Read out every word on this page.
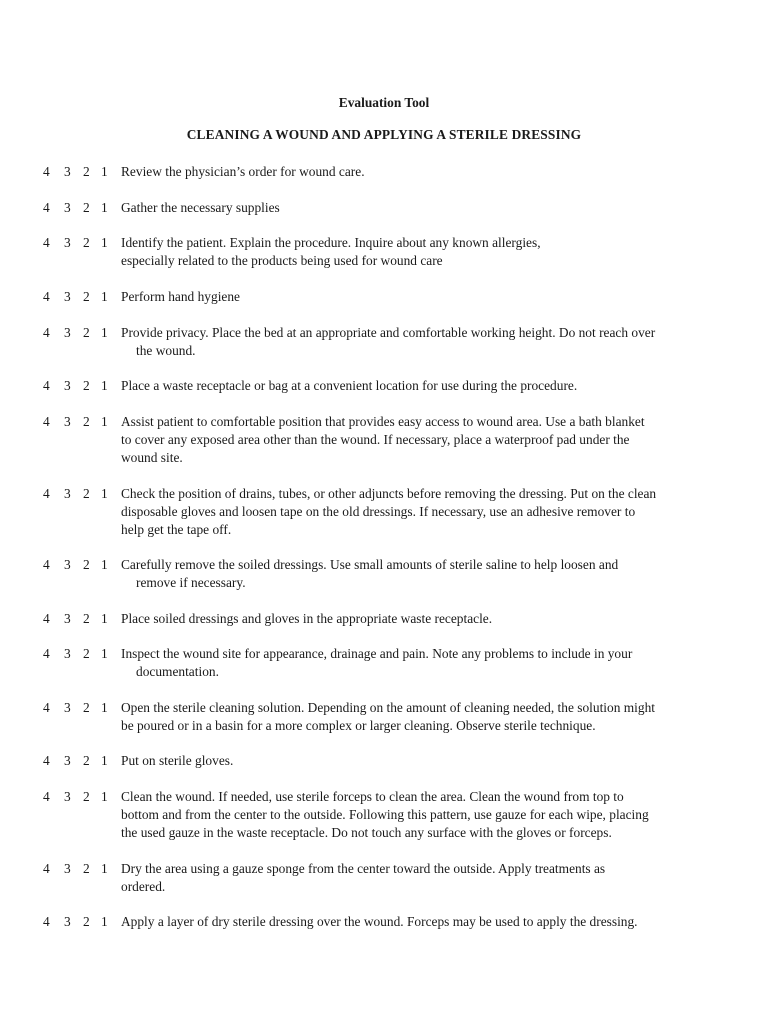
Evaluation Tool
CLEANING A WOUND AND APPLYING A STERILE DRESSING
4 3 2 1 Review the physician’s order for wound care.
4 3 2 1 Gather the necessary supplies
4 3 2 1 Identify the patient. Explain the procedure. Inquire about any known allergies,
especially related to the products being used for wound care
4 3 2 1 Perform hand hygiene
4 3 2 1 Provide privacy. Place the bed at an appropriate and comfortable working height. Do not reach over
the wound.
4 3 2 1 Place a waste receptacle or bag at a convenient location for use during the procedure.
4 3 2 1 Assist patient to comfortable position that provides easy access to wound area. Use a bath blanket
to cover any exposed area other than the wound. If necessary, place a waterproof pad under the
wound site.
4 3 2 1 Check the position of drains, tubes, or other adjuncts before removing the dressing. Put on the clean
disposable gloves and loosen tape on the old dressings. If necessary, use an adhesive remover to
help get the tape off.
4 3 2 1 Carefully remove the soiled dressings. Use small amounts of sterile saline to help loosen and
remove if necessary.
4 3 2 1 Place soiled dressings and gloves in the appropriate waste receptacle.
4 3 2 1 Inspect the wound site for appearance, drainage and pain. Note any problems to include in your
documentation.
4 3 2 1 Open the sterile cleaning solution. Depending on the amount of cleaning needed, the solution might
be poured or in a basin for a more complex or larger cleaning. Observe sterile technique.
4 3 2 1 Put on sterile gloves.
4 3 2 1 Clean the wound. If needed, use sterile forceps to clean the area. Clean the wound from top to
bottom and from the center to the outside. Following this pattern, use gauze for each wipe, placing
the used gauze in the waste receptacle. Do not touch any surface with the gloves or forceps.
4 3 2 1 Dry the area using a gauze sponge from the center toward the outside. Apply treatments as
ordered.
4 3 2 1 Apply a layer of dry sterile dressing over the wound. Forceps may be used to apply the dressing.
